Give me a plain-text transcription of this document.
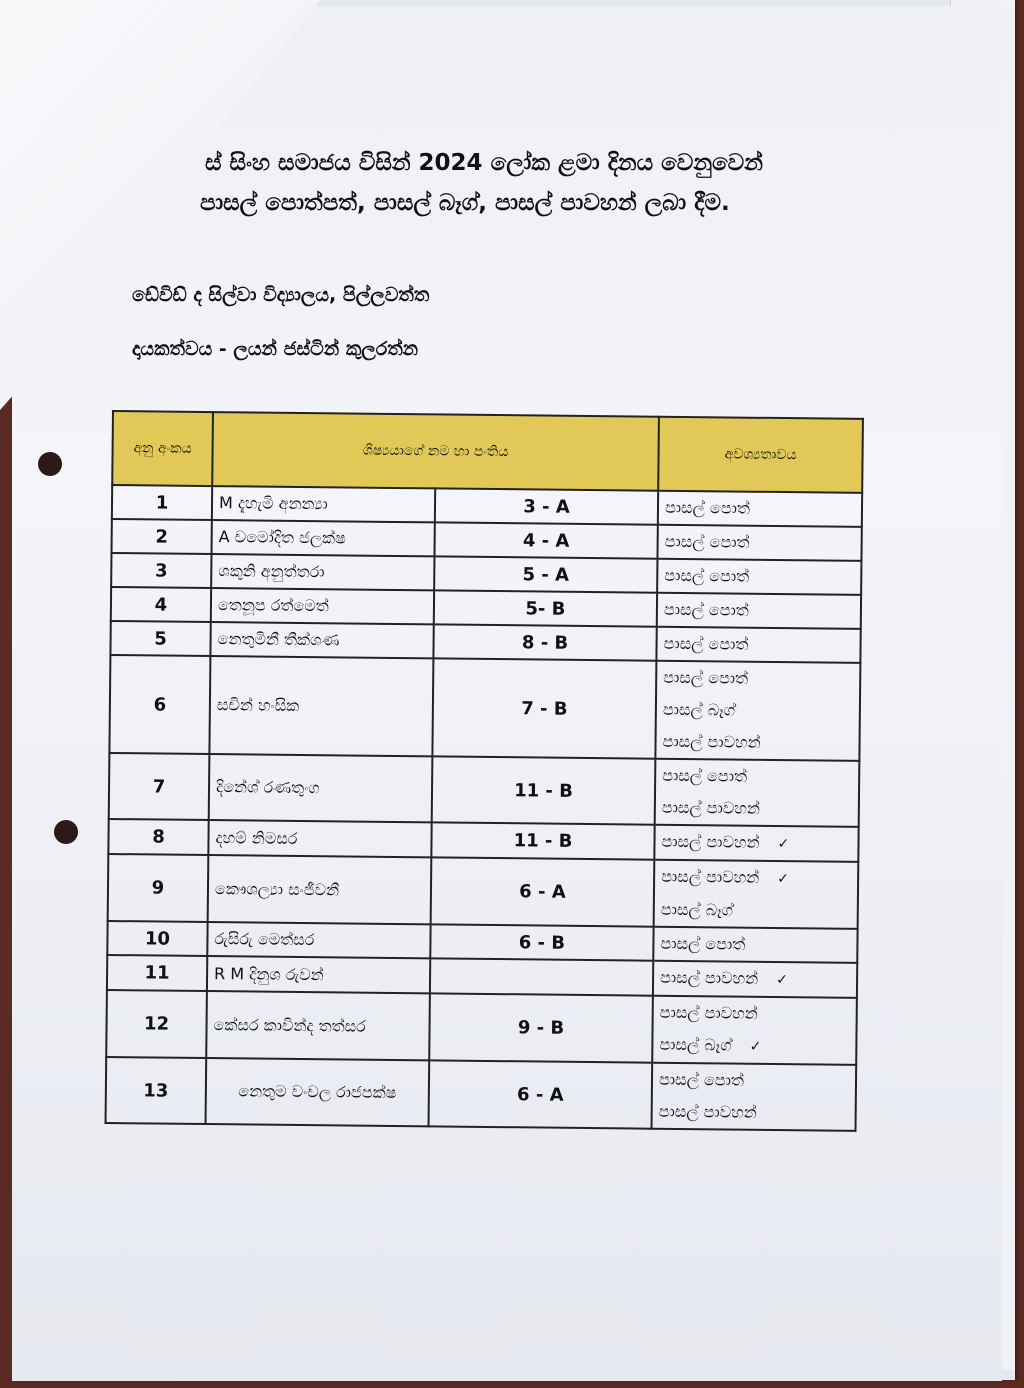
ස් සිංහ සමාජය විසින් 2024 ලෝක ළමා දිනය වෙනුවෙන්
පාසල් පොත්පත්, පාසල් බෑග්, පාසල් පාවහන් ලබා දීම.
ඩේවිඩ් ද සිල්වා විද්‍යාලය, පිල්ලවත්ත
දායකත්වය - ලයන් ජස්ටින් කුලරත්න
අනු අංකය	ශිෂ්‍යයාගේ නම හා පංතිය		අවශ්‍යතාවය
1	M දැහැමි අනන්‍යා	3 - A	පාසල් පොත්

2	A චමෝදිත ජලක්ෂ	4 - A	පාසල් පොත්

3	ශකුනි අනුත්තරා	5 - A	පාසල් පොත්

4	තෙනූප රත්මෙත්	5- B	පාසල් පොත්

5	නෙතුමිනී තීක්ශණ	8 - B	පාසල් පොත්

6	සචින් හංසික	7 - B	පාසල් පොත්
පාසල් බෑග්
පාසල් පාවහන්

7	දිනේශ් රණතුංග	11 - B	පාසල් පොත්
පාසල් පාවහන්

8	දහම් නිමසර	11 - B	පාසල් පාවහන් ✓

9	කෞශල්‍යා සංජීවනී	6 - A	පාසල් පාවහන් ✓
පාසල් බෑග්

10	රුසිරු මෙත්සර	6 - B	පාසල් පොත්

11	R M දිනුශ රුවන්		පාසල් පාවහන් ✓

12	කේසර කාවින්ද තත්සර	9 - B	පාසල් පාවහන්
පාසල් බෑග් ✓

13	නෙතුම වංචල රාජපක්ෂ	6 - A	පාසල් පොත්
පාසල් පාවහන්
